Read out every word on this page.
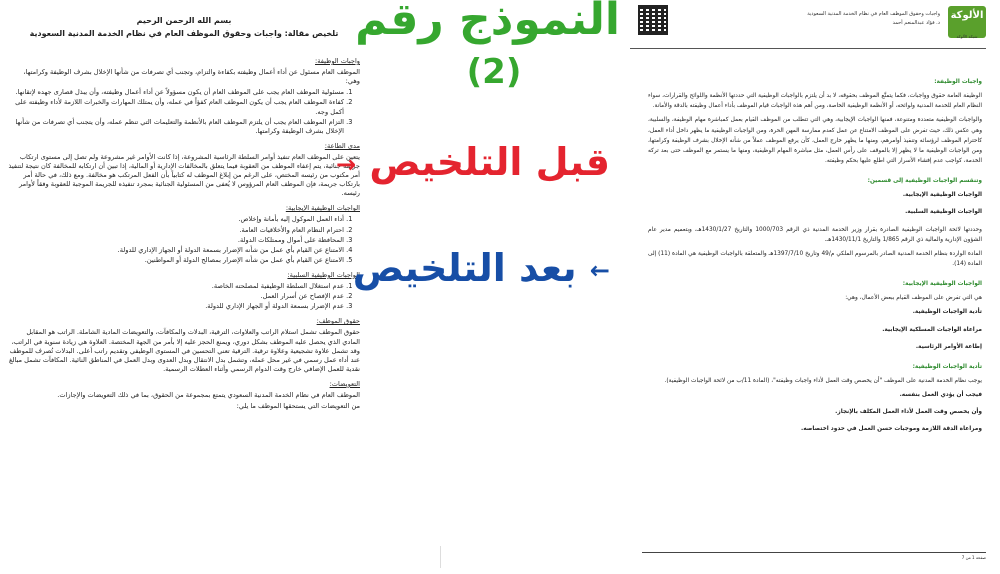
بسم الله الرحمن الرحيم
تلخيص مقالة: واجبات وحقوق الموظف العام في نظام الخدمة المدنية السعودية
واجبات الوظيفة:

الموظف العام مسئول عن أداء أعمال وظيفته بكفاءة والتزام، وتجنب أي تصرفات من شأنها الإخلال بشرف الوظيفة وكرامتها، وهي:

1. مسئولية الموظف العام يجب على الموظف العام أن يكون مسؤولاً عن أداء أعمال وظيفته، وأن يبذل قصارى جهده لإتقانها.
2. كفاءة الموظف العام يجب أن يكون الموظف العام كفؤاً في عمله، وأن يمتلك المهارات والخبرات اللازمة لأداء وظيفته على أكمل وجه.
3. التزام الموظف العام يجب أن يلتزم الموظف العام بالأنظمة والتعليمات التي تنظم عمله، وأن يتجنب أي تصرفات من شأنها الإخلال بشرف الوظيفة وكرامتها.
مدى الطاعة:

يتعين على الموظف العام تنفيذ أوامر السلطة الرئاسية المشروعة، إذا كانت الأوامر غير مشروعة ولم تصل إلى مستوى ارتكاب جريمة جنائية، يتم إعفاء الموظف من العقوبة فيما يتعلق بالمخالفات الإدارية أو المالية، إذا تبين أن ارتكابه للمخالفة كان نتيجة لتنفيذ أمر مكتوب من رئيسه المختص، على الرغم من إبلاغ الموظف له كتابياً بأن الفعل المرتكب هو مخالفة. ومع ذلك، في حالة أمر بارتكاب جريمة، فإن الموظف العام المرؤوس لا يُعفى من المسئولية الجنائية بمجرد تنفيذه للجريمة الموجبة للعقوبة وفقاً لأوامر رئيسه.

الواجبات الوظيفية الإيجابية:
1. أداء العمل الموكول إليه بأمانة وإخلاص.
2. احترام النظام العام والأخلاقيات العامة.
3. المحافظة على أموال وممتلكات الدولة.
4. الامتناع عن القيام بأي عمل من شأنه الإضرار بسمعة الدولة أو الجهاز الإداري للدولة.
5. الامتناع عن القيام بأي عمل من شأنه الإضرار بمصالح الدولة أو المواطنين.
الواجبات الوظيفية السلبية:
1. عدم استغلال السلطة الوظيفية لمصلحته الخاصة.
2. عدم الإفصاح عن أسرار العمل.
3. عدم الإضرار بسمعة الدولة أو الجهاز الإداري للدولة.
حقوق الموظف:

حقوق الموظف تشمل استلام الراتب والعلاوات، الترقية، البدلات والمكافآت، والتعويضات المادية الشاملة. الراتب هو المقابل المادي الذي يحصل عليه الموظف بشكل دوري، ويمنع الحجز عليه إلا بأمر من الجهة المختصة. العلاوة هي زيادة سنوية في الراتب، وقد تشمل علاوة تشجيعية وعلاوة ترقية. الترقية تعني التحسين في المستوى الوظيفي وتقديم راتب أعلى. البدلات تُصرف للموظف عند أداء عمل رسمي في غير محل عمله، وتشمل بدل الانتقال وبدل العدوى وبدل العمل في المناطق النائية. المكافآت تشمل مبالغ نقدية للعمل الإضافي خارج وقت الدوام الرسمي وأثناء العطلات الرسمية.

التعويضات:

الموظف العام في نظام الخدمة المدنية السعودي يتمتع بمجموعة من الحقوق، بما في ذلك التعويضات والإجازات.

من التعويضات التي يستحقها الموظف ما يلي:

النموذج رقم
(2)
قبل التلخيص →
← بعد التلخيص
واجبات وحقوق الموظف العام في نظام الخدمة المدنية السعودية
د. فؤاد عبدالمنعم أحمد
الألوكة
شبكة الألوكة
واجبات الوظيفة:

الوظيفة العامة حقوق وواجبات، فكما يتمتَّع الموظف بحقوقه، لا بد أن يلتزم بالواجبات الوظيفية التي حددتها الأنظمة واللوائح والقرارات، سواء النظام العام للخدمة المدنية ولوائحه، أو الأنظمة الوظيفية الخاصة، ومن أهم هذه الواجبات قيام الموظف بأداء أعمال وظيفته بالدقة والأمانة.

والواجبات الوظيفية متعددة ومتنوعة، فمنها الواجبات الإيجابية، وهي التي تتطلب من الموظف القيام بعمل كمباشرة مهام الوظيفة، والسلبية، وهي عكس ذلك، حيث تفرض على الموظف الامتناع عن عمل كعدم ممارسة المهن الحرة، ومن الواجبات الوظيفية ما يظهر داخل أداء العمل، كاحترام الموظف لرؤسائه وتنفيذ أوامرهم، ومنها ما يظهر خارج العمل، كأن يرفع الموظف عملاً من شأنه الإخلال بشرف الوظيفة وكرامتها، ومن الواجبات الوظيفية ما لا يظهر إلا بالموقف على رأس العمل، مثل مباشرة المهام الوظيفية، ومنها ما يستمر مع الموظف حتى بعد تركه الخدمة، كواجب عدم إفشاء الأسرار التي اطلع عليها بحكم وظيفته.

وتنقسم الواجبات الوظيفية إلى قسمين:
الواجبات الوظيفية الإيجابية.
الواجبات الوظيفية السلبية.

وحددتها لائحة الواجبات الوظيفية الصادرة بقرار وزير الخدمة المدنية ذي الرقم 1000/703 والتاريخ 1430/1/27هـ، وبتعميم مدير عام الشؤون الإدارية والمالية ذي الرقم 1/865 والتاريخ 1430/11/1هـ.

المادة الواردة بنظام الخدمة المدنية الصادر بالمرسوم الملكي م/49 وتاريخ 1397/7/10هـ والمتعلقة بالواجبات الوظيفية هي المادة (11) إلى المادة (14).

الواجبات الوظيفية الإيجابية:

هي التي تفرض على الموظف القيام ببعض الأعمال، وهي:

تأدية الواجبات الوظيفية.
مراعاة الواجبات المسلكية الإيجابية.
إطاعة الأوامر الرئاسية.
تأدية الواجبات الوظيفية:

يوجب نظام الخدمة المدنية على الموظف "أن يخصص وقت العمل لأداء واجبات وظيفته"، (المادة 11/ب من لائحة الواجبات الوظيفية).

فيجب أن يؤدي العمل بنفسه.
وأن يخصص وقت العمل لأداء العمل المكلف بالإنجاز.
ومراعاة الدقة اللازمة وموجبات حسن العمل في حدود اختصاصه.
صفحة 1 من 7
